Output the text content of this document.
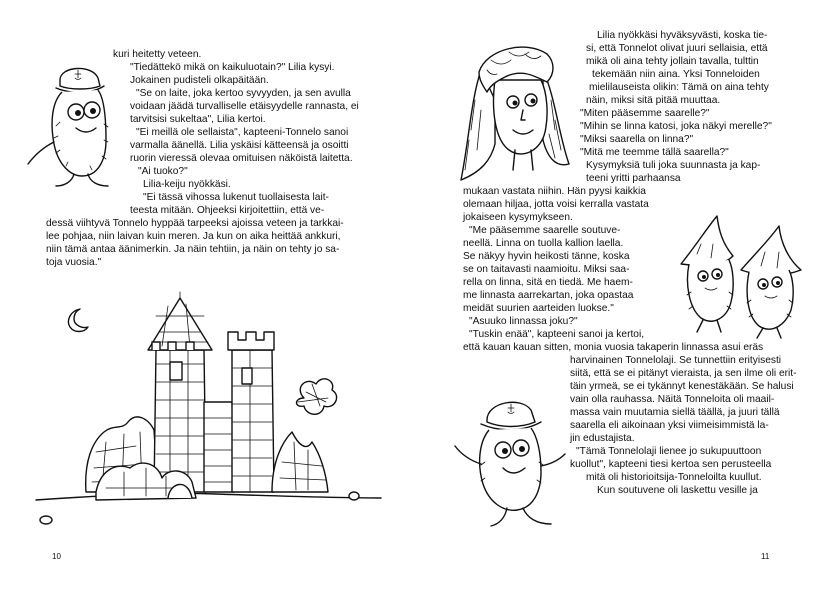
kuri heitetty veteen.
"Tiedättekö mikä on kaikuluotain?" Lilia kysyi.
Jokainen pudisteli olkapäitään.
"Se on laite, joka kertoo syvyyden, ja sen avulla
voidaan jäädä turvalliselle etäisyydelle rannasta, ei
tarvitsisi sukeltaa", Lilia kertoi.
"Ei meillä ole sellaista", kapteeni-Tonnelo sanoi
varmalla äänellä. Lilia yskäisi kätteensä ja osoitti
ruorin vieressä olevaa omituisen näköistä laitetta.
"Ai tuoko?"
Lilia-keiju nyökkäsi.
"Ei tässä vihossa lukenut tuollaisesta lait-
teesta mitään. Ohjeeksi kirjoitettiin, että ve-
dessä viihtyvä Tonnelo hyppää tarpeeksi ajoissa veteen ja tarkkai-
lee pohjaa, niin laivan kuin meren. Ja kun on aika heittää ankkuri,
niin tämä antaa äänimerkin. Ja näin tehtiin, ja näin on tehty jo sa-
toja vuosia."
10
Lilia nyökkäsi hyväksyvästi, koska tie-
si, että Tonnelot olivat juuri sellaisia, että
mikä oli aina tehty jollain tavalla, tulttin
tekemään niin aina. Yksi Tonneloiden
mielilauseista olikin: Tämä on aina tehty
näin, miksi sitä pitää muuttaa.
"Miten pääsemme saarelle?"
"Mihin se linna katosi, joka näkyi merelle?"
"Miksi saarella on linna?"
"Mitä me teemme tällä saarella?"
Kysymyksiä tuli joka suunnasta ja kap-
teeni yritti parhaansa
mukaan vastata niihin. Hän pyysi kaikkia
olemaan hiljaa, jotta voisi kerralla vastata
jokaiseen kysymykseen.
"Me pääsemme saarelle soutuve-
neellä. Linna on tuolla kallion laella.
Se näkyy hyvin heikosti tänne, koska
se on taitavasti naamioitu. Miksi saa-
rella on linna, sitä en tiedä. Me haem-
me linnasta aarrekartan, joka opastaa
meidät suurien aarteiden luokse."
"Asuuko linnassa joku?"
"Tuskin enää", kapteeni sanoi ja kertoi,
että kauan kauan sitten, monia vuosia takaperin linnassa asui eräs
harvinainen Tonnelolaji. Se tunnettiin erityisesti
siitä, että se ei pitänyt vieraista, ja sen ilme oli erit-
täin yrmeä, se ei tykännyt kenestäkään. Se halusi
vain olla rauhassa. Näitä Tonneloita oli maail-
massa vain muutamia siellä täällä, ja juuri tällä
saarella eli aikoinaan yksi viimeisimmistä la-
jin edustajista.
"Tämä Tonnelolaji lienee jo sukupuuttoon
kuollut", kapteeni tiesi kertoa sen perusteella
mitä oli historioitsija-Tonneloilta kuullut.
Kun soutuvene oli laskettu vesille ja
11
